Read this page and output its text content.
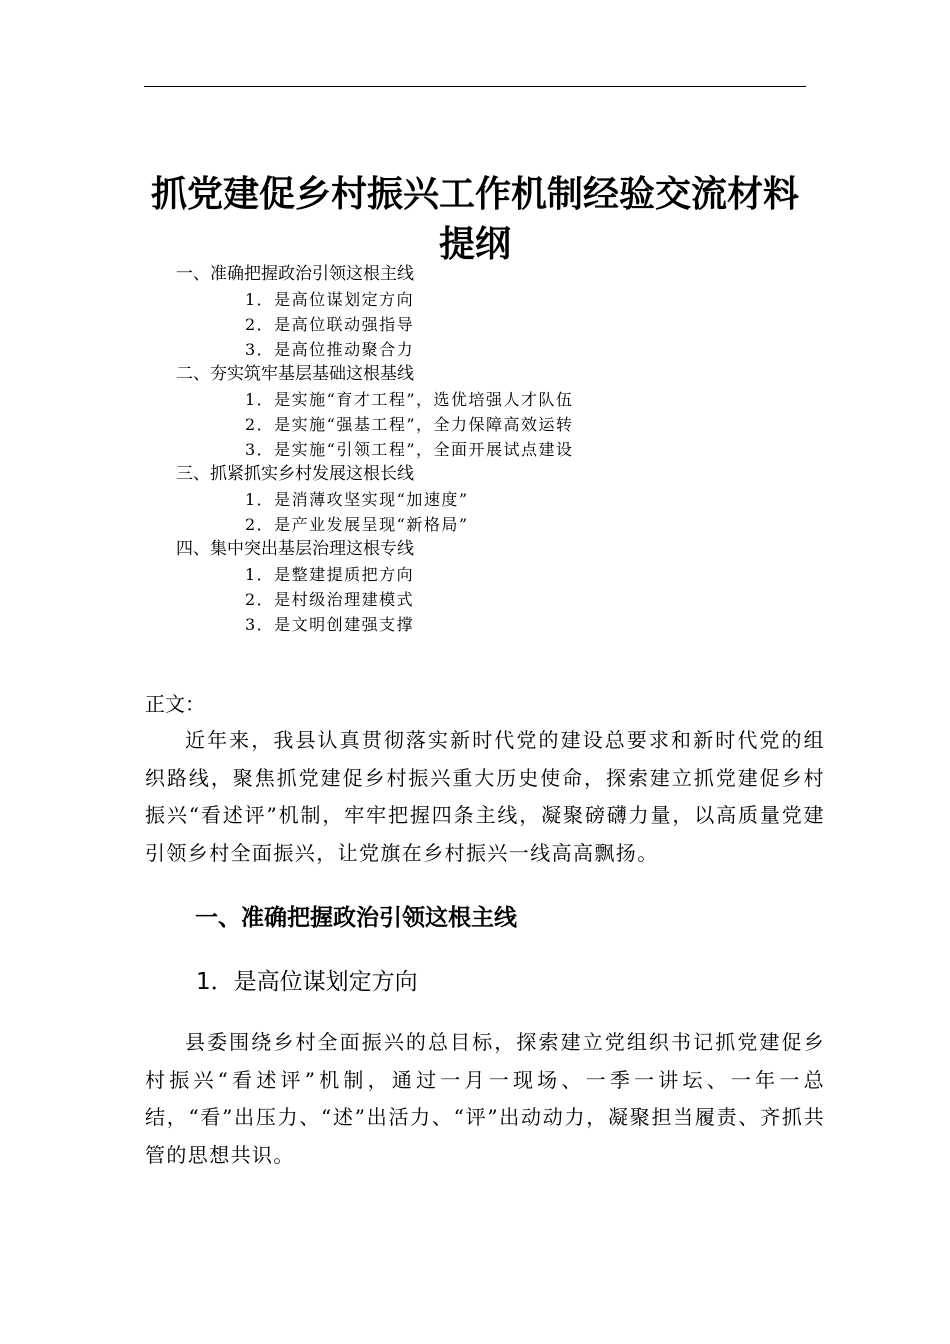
抓党建促乡村振兴工作机制经验交流材料
提纲
一、准确把握政治引领这根主线
1．是高位谋划定方向
2．是高位联动强指导
3．是高位推动聚合力
二、夯实筑牢基层基础这根基线
1．是实施“育才工程”，选优培强人才队伍
2．是实施“强基工程”，全力保障高效运转
3．是实施“引领工程”，全面开展试点建设
三、抓紧抓实乡村发展这根长线
1．是消薄攻坚实现“加速度”
2．是产业发展呈现“新格局”
四、集中突出基层治理这根专线
1．是整建提质把方向
2．是村级治理建模式
3．是文明创建强支撑
正文：

近年来，我县认真贯彻落实新时代党的建设总要求和新时代党的组织路线，聚焦抓党建促乡村振兴重大历史使命，探索建立抓党建促乡村振兴“看述评”机制，牢牢把握四条主线，凝聚磅礴力量，以高质量党建引领乡村全面振兴，让党旗在乡村振兴一线高高飘扬。

一、准确把握政治引领这根主线
1．是高位谋划定方向

县委围绕乡村全面振兴的总目标，探索建立党组织书记抓党建促乡村振兴“看述评”机制，通过一月一现场、一季一讲坛、一年一总结，“看”出压力、“述”出活力、“评”出动动力，凝聚担当履责、齐抓共管的思想共识。
